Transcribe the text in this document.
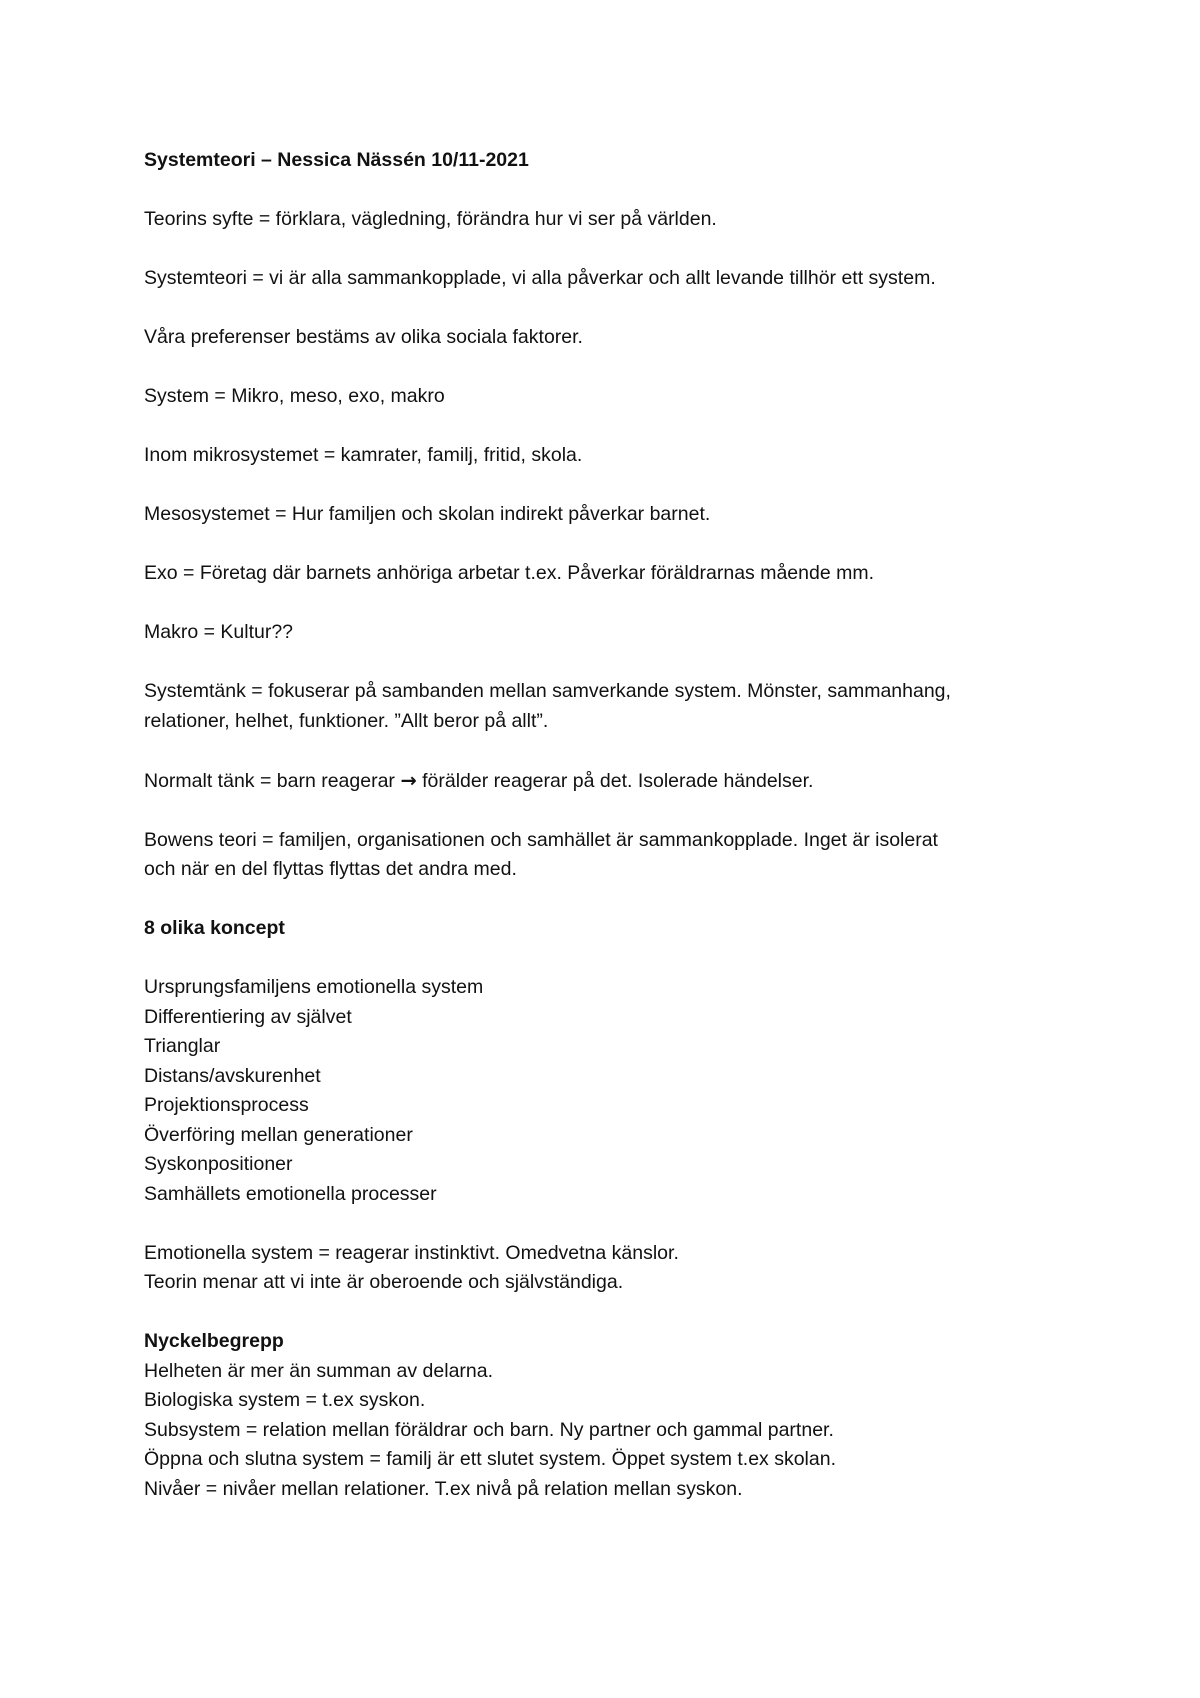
Systemteori – Nessica Nässén 10/11-2021

Teorins syfte = förklara, vägledning, förändra hur vi ser på världen.

Systemteori = vi är alla sammankopplade, vi alla påverkar och allt levande tillhör ett system.

Våra preferenser bestäms av olika sociala faktorer.

System = Mikro, meso, exo, makro

Inom mikrosystemet = kamrater, familj, fritid, skola.

Mesosystemet = Hur familjen och skolan indirekt påverkar barnet.

Exo = Företag där barnets anhöriga arbetar t.ex. Påverkar föräldrarnas mående mm.

Makro = Kultur??

Systemtänk = fokuserar på sambanden mellan samverkande system. Mönster, sammanhang,

relationer, helhet, funktioner. ”Allt beror på allt”.

Normalt tänk = barn reagerar → förälder reagerar på det. Isolerade händelser.

Bowens teori = familjen, organisationen och samhället är sammankopplade. Inget är isolerat

och när en del flyttas flyttas det andra med.

8 olika koncept

Ursprungsfamiljens emotionella system

Differentiering av självet

Trianglar

Distans/avskurenhet

Projektionsprocess

Överföring mellan generationer

Syskonpositioner

Samhällets emotionella processer

Emotionella system = reagerar instinktivt. Omedvetna känslor.

Teorin menar att vi inte är oberoende och självständiga.

Nyckelbegrepp

Helheten är mer än summan av delarna.

Biologiska system = t.ex syskon.

Subsystem = relation mellan föräldrar och barn. Ny partner och gammal partner.

Öppna och slutna system = familj är ett slutet system. Öppet system t.ex skolan.

Nivåer = nivåer mellan relationer. T.ex nivå på relation mellan syskon.
